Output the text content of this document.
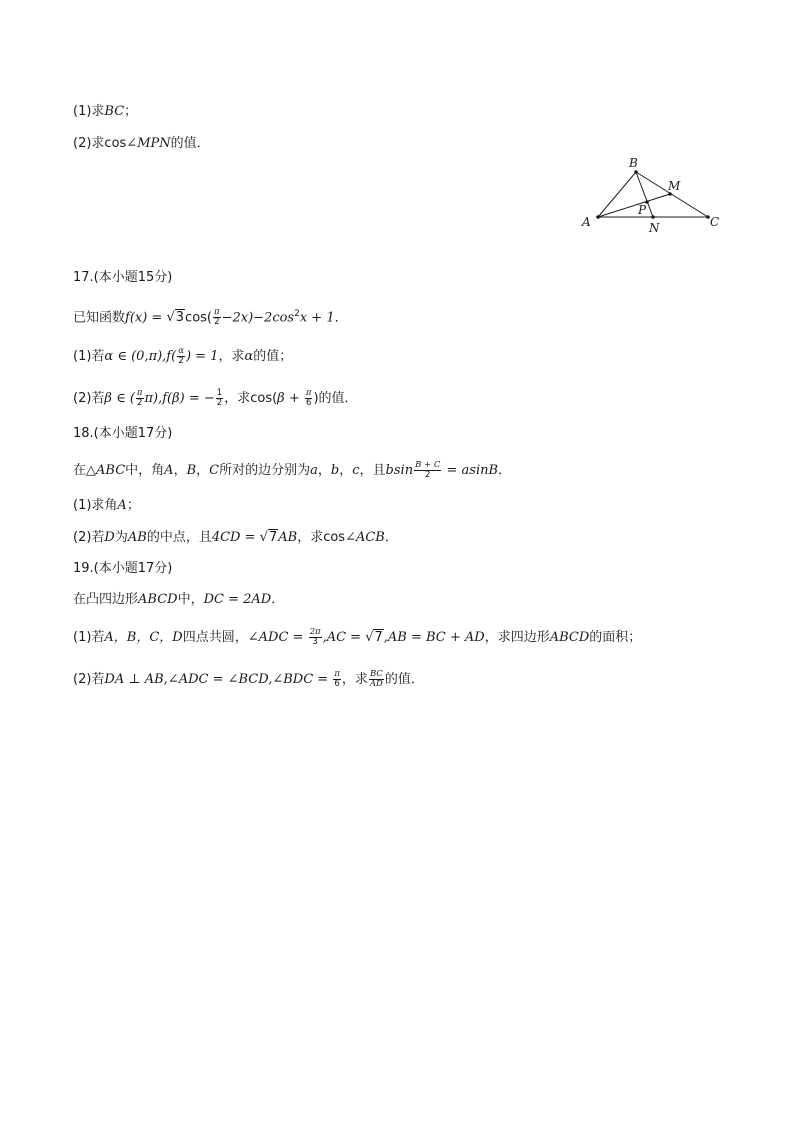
(1)求BC；
(2)求cos∠MPN的值．
A
B
C
M
N
P
17.(本小题15分)
已知函数$f(x) = √3\cos( \frac{\pi}{2} -2x)-2\cos^2x + 1$．
(1)若α ∈ $(0,\pi),f( \frac{\alpha}{2}$ ) = 1，求α的值；
(2)若β ∈ ( $\frac{\pi}{2} \pi),f(\beta)$ = − $\frac{1}{2}$ ，求$\cos(\beta + \frac{\pi}{6}$ )的值．
18.(本小题17分)
在△ABC中，角A，B，C所对的边分别为a，b，c，且bsin $\frac{B + C}{2} = asinB$．
(1)求角A；
(2)若D为AB的中点，且4CD = √7AB，求cos∠ACB．
19.(本小题17分)
在凸四边形ABCD中，DC = 2AD．
(1)若A，B，C，D四点共圆，∠ADC = $\frac{2\pi}{3} ,AC = √7,AB$ = BC + AD，求四边形ABCD的面积；
(2)若DA ⊥ AB,∠ADC = ∠BCD,∠BDC = $\frac{\pi}{6}$ ，求 $\frac{BC}{AD}$ 的值．
